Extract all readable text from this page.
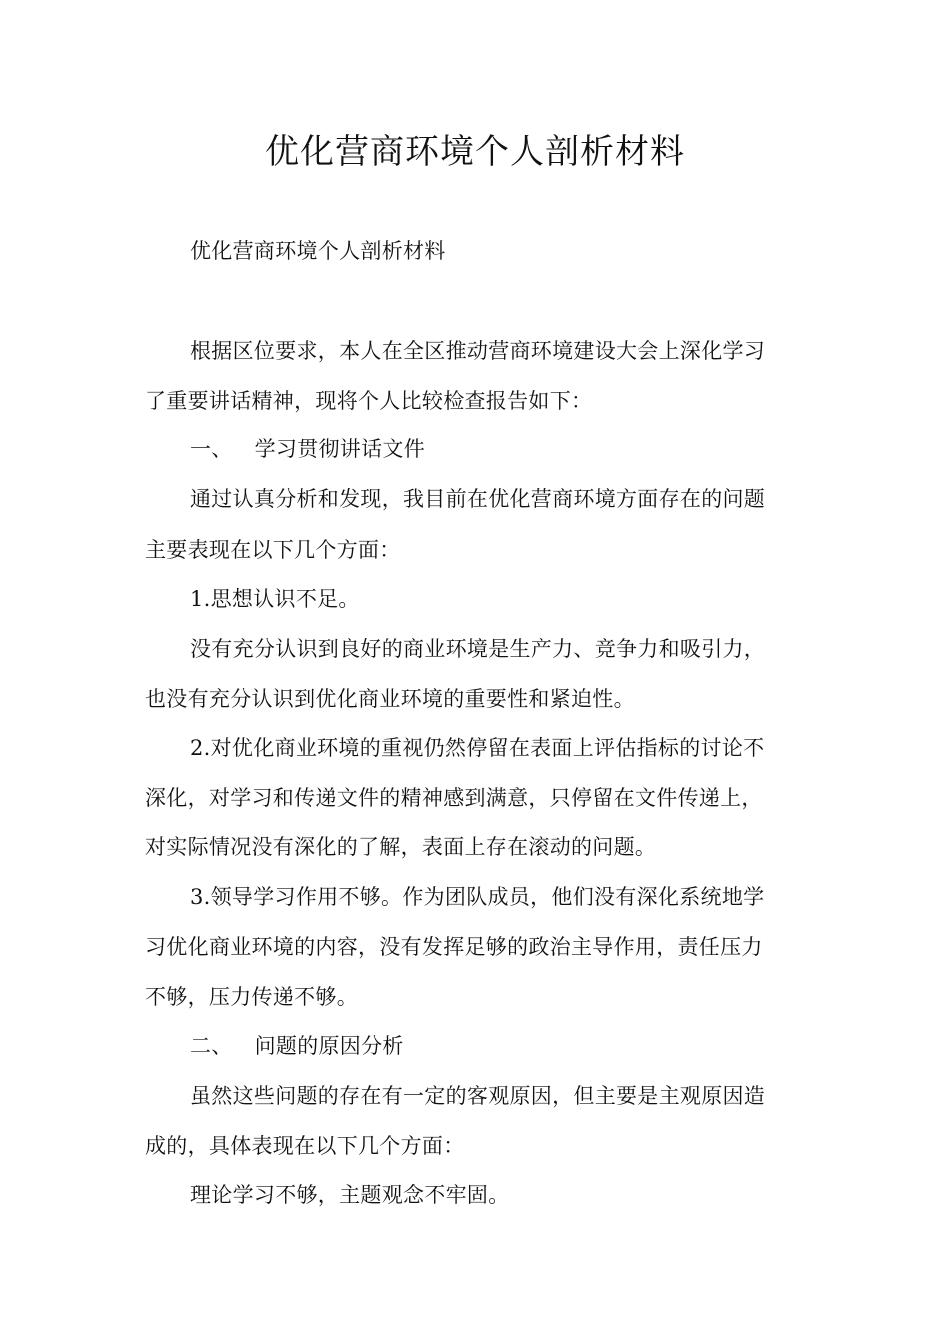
优化营商环境个人剖析材料
优化营商环境个人剖析材料
根据区位要求，本人在全区推动营商环境建设大会上深化学习
了重要讲话精神，现将个人比较检查报告如下：
一、 学习贯彻讲话文件
通过认真分析和发现，我目前在优化营商环境方面存在的问题
主要表现在以下几个方面：
1.思想认识不足。
没有充分认识到良好的商业环境是生产力、竞争力和吸引力，
也没有充分认识到优化商业环境的重要性和紧迫性。
2.对优化商业环境的重视仍然停留在表面上评估指标的讨论不
深化，对学习和传递文件的精神感到满意，只停留在文件传递上，
对实际情况没有深化的了解，表面上存在滚动的问题。
3.领导学习作用不够。作为团队成员，他们没有深化系统地学
习优化商业环境的内容，没有发挥足够的政治主导作用，责任压力
不够，压力传递不够。
二、 问题的原因分析
虽然这些问题的存在有一定的客观原因，但主要是主观原因造
成的，具体表现在以下几个方面：
理论学习不够，主题观念不牢固。
